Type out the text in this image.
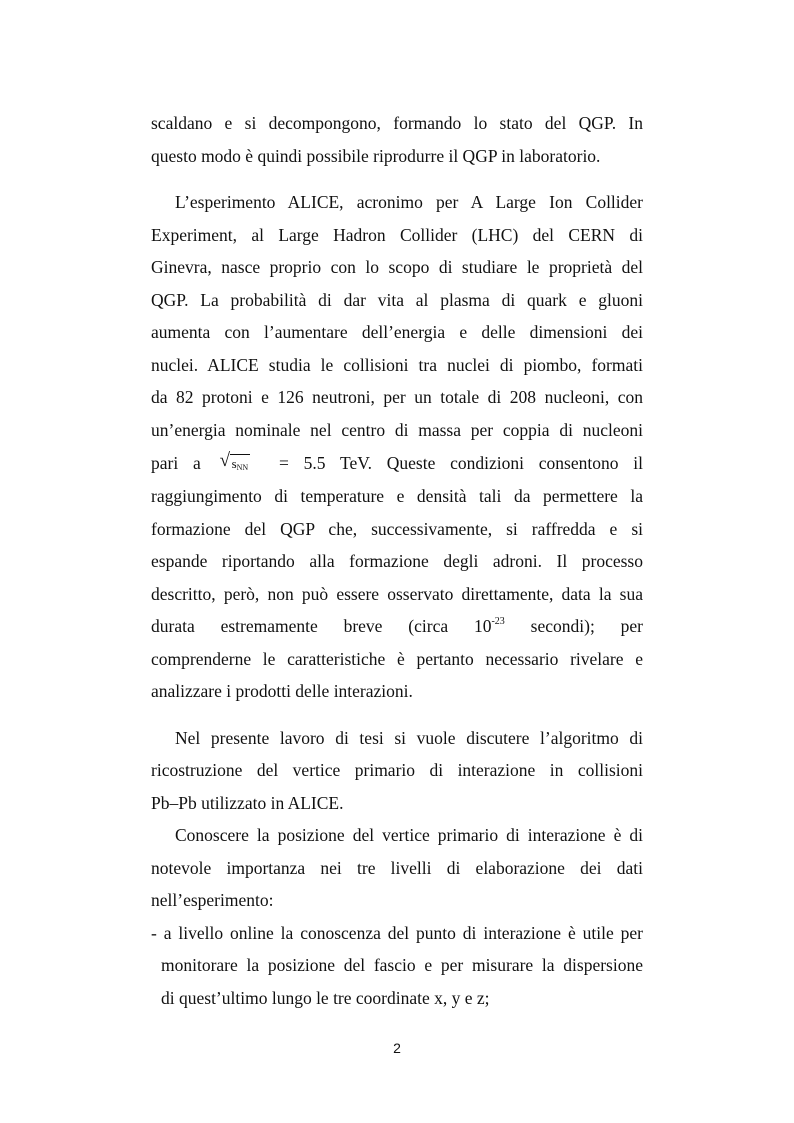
scaldano e si decompongono, formando lo stato del QGP. In
questo modo è quindi possibile riprodurre il QGP in laboratorio.

L’esperimento ALICE, acronimo per A Large Ion Collider
Experiment, al Large Hadron Collider (LHC) del CERN di
Ginevra, nasce proprio con lo scopo di studiare le proprietà del
QGP. La probabilità di dar vita al plasma di quark e gluoni
aumenta con l’aumentare dell’energia e delle dimensioni dei
nuclei. ALICE studia le collisioni tra nuclei di piombo, formati
da 82 protoni e 126 neutroni, per un totale di 208 nucleoni, con
un’energia nominale nel centro di massa per coppia di nucleoni
pari a √ $s_{NN} = 5.5$ TeV. Queste condizioni consentono il
raggiungimento di temperature e densità tali da permettere la
formazione del QGP che, successivamente, si raffredda e si
espande riportando alla formazione degli adroni. Il processo
descritto, però, non può essere osservato direttamente, data la sua
durata estremamente breve (circa $10^{-23}$ secondi); per
comprenderne le caratteristiche è pertanto necessario rivelare e
analizzare i prodotti delle interazioni.

Nel presente lavoro di tesi si vuole discutere l’algoritmo di
ricostruzione del vertice primario di interazione in collisioni
Pb–Pb utilizzato in ALICE.

Conoscere la posizione del vertice primario di interazione è di
notevole importanza nei tre livelli di elaborazione dei dati
nell’esperimento:

- a livello online la conoscenza del punto di interazione è utile per
monitorare la posizione del fascio e per misurare la dispersione
di quest’ultimo lungo le tre coordinate x, y e z;

2
